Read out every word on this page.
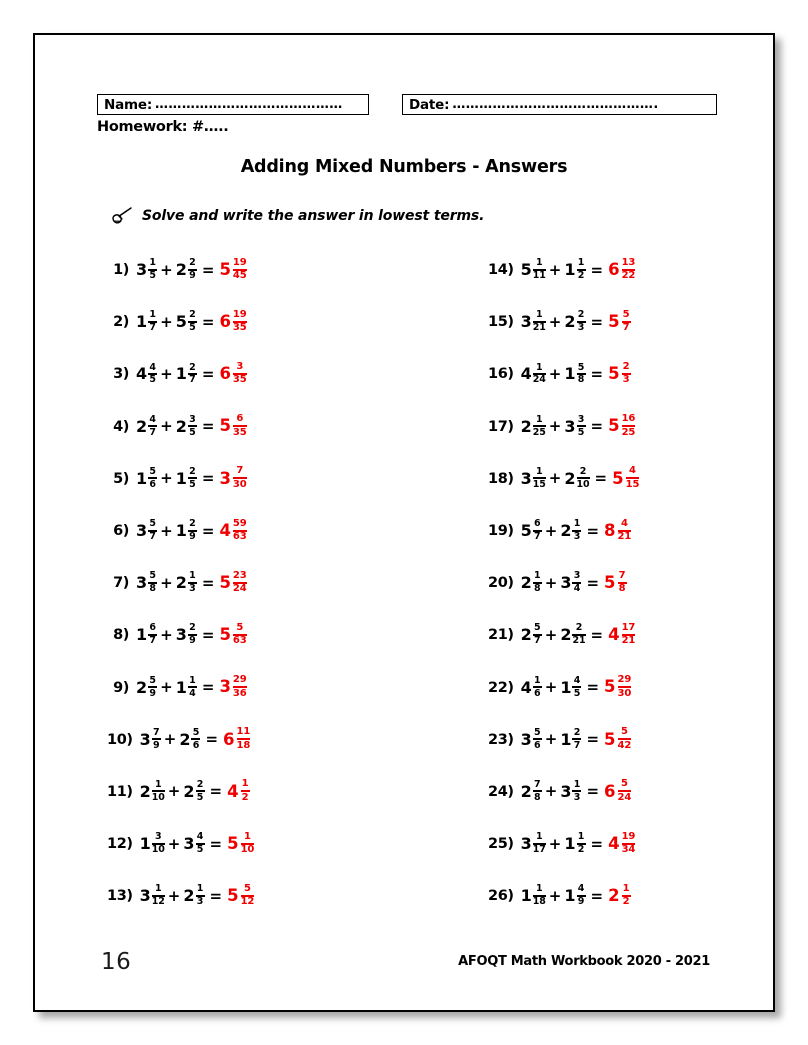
Name: ……………………………………	Date: ……………………………………….
Homework: #…..
Adding Mixed Numbers - Answers
Solve and write the answer in lowest terms.
1) $3 \frac{1}{5} + 2 \frac{2}{9} = 5 \frac{19}{45}$
2) $1 \frac{1}{7} + 5 \frac{2}{5} = 6 \frac{19}{35}$
3) $4 \frac{4}{5} + 1 \frac{2}{7} = 6 \frac{3}{35}$
4) $2 \frac{4}{7} + 2 \frac{3}{5} = 5 \frac{6}{35}$
5) $1 \frac{5}{6} + 1 \frac{2}{5} = 3 \frac{7}{30}$
6) $3 \frac{5}{7} + 1 \frac{2}{9} = 4 \frac{59}{63}$
7) $3 \frac{5}{8} + 2 \frac{1}{3} = 5 \frac{23}{24}$
8) $1 \frac{6}{7} + 3 \frac{2}{9} = 5 \frac{5}{63}$
9) $2 \frac{5}{9} + 1 \frac{1}{4} = 3 \frac{29}{36}$
10) $3 \frac{7}{9} + 2 \frac{5}{6} = 6 \frac{11}{18}$
11) $2 \frac{1}{10} + 2 \frac{2}{5} = 4 \frac{1}{2}$
12) $1 \frac{3}{10} + 3 \frac{4}{5} = 5 \frac{1}{10}$
13) $3 \frac{1}{12} + 2 \frac{1}{3} = 5 \frac{5}{12}$
14) $5 \frac{1}{11} + 1 \frac{1}{2} = 6 \frac{13}{22}$
15) $3 \frac{1}{21} + 2 \frac{2}{3} = 5 \frac{5}{7}$
16) $4 \frac{1}{24} + 1 \frac{5}{8} = 5 \frac{2}{3}$
17) $2 \frac{1}{25} + 3 \frac{3}{5} = 5 \frac{16}{25}$
18) $3 \frac{1}{15} + 2 \frac{2}{10} = 5 \frac{4}{15}$
19) $5 \frac{6}{7} + 2 \frac{1}{3} = 8 \frac{4}{21}$
20) $2 \frac{1}{8} + 3 \frac{3}{4} = 5 \frac{7}{8}$
21) $2 \frac{5}{7} + 2 \frac{2}{21} = 4 \frac{17}{21}$
22) $4 \frac{1}{6} + 1 \frac{4}{5} = 5 \frac{29}{30}$
23) $3 \frac{5}{6} + 1 \frac{2}{7} = 5 \frac{5}{42}$
24) $2 \frac{7}{8} + 3 \frac{1}{3} = 6 \frac{5}{24}$
25) $3 \frac{1}{17} + 1 \frac{1}{2} = 4 \frac{19}{34}$
26) $1 \frac{1}{18} + 1 \frac{4}{9} = 2 \frac{1}{2}$
16	AFOQT Math Workbook 2020 - 2021
